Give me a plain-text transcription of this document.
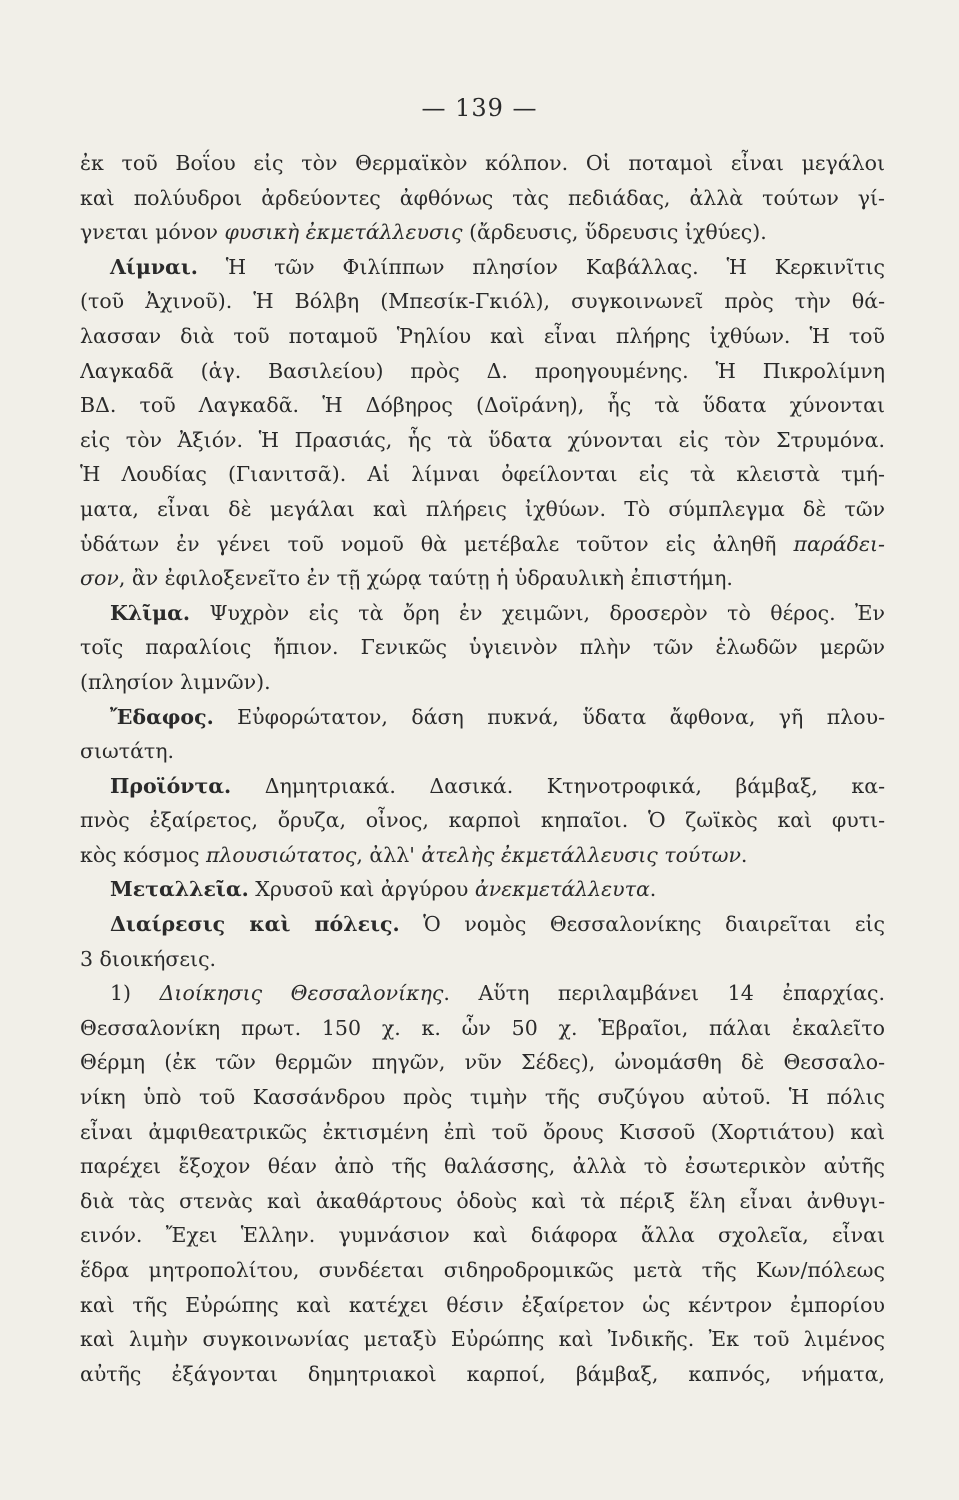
— 139 —
ἐκ τοῦ Βοΐου εἰς τὸν Θερμαϊκὸν κόλπον. Οἱ ποταμοὶ εἶναι μεγάλοι
καὶ πολύυδροι ἀρδεύοντες ἀφθόνως τὰς πεδιάδας, ἀλλὰ τούτων γί-
γνεται μόνον φυσικὴ ἐκμετάλλευσις (ἄρδευσις, ὕδρευσις ἰχθύες).
Λίμναι. Ἡ τῶν Φιλίππων πλησίον Καβάλλας. Ἡ Κερκινῖτις
(τοῦ Ἀχινοῦ). Ἡ Βόλβη (Μπεσίκ-Γκιόλ), συγκοινωνεῖ πρὸς τὴν θά-
λασσαν διὰ τοῦ ποταμοῦ Ῥηλίου καὶ εἶναι πλήρης ἰχθύων. Ἡ τοῦ
Λαγκαδᾶ (ἁγ. Βασιλείου) πρὸς Δ. προηγουμένης. Ἡ Πικρολίμνη
ΒΔ. τοῦ Λαγκαδᾶ. Ἡ Δόβηρος (Δοϊράνη), ἧς τὰ ὕδατα χύνονται
εἰς τὸν Ἀξιόν. Ἡ Πρασιάς, ἧς τὰ ὕδατα χύνονται εἰς τὸν Στρυμόνα.
Ἡ Λουδίας (Γιανιτσᾶ). Αἱ λίμναι ὀφείλονται εἰς τὰ κλειστὰ τμή-
ματα, εἶναι δὲ μεγάλαι καὶ πλήρεις ἰχθύων. Τὸ σύμπλεγμα δὲ τῶν
ὑδάτων ἐν γένει τοῦ νομοῦ θὰ μετέβαλε τοῦτον εἰς ἀληθῆ παράδει-
σον, ἂν ἐφιλοξενεῖτο ἐν τῇ χώρᾳ ταύτῃ ἡ ὑδραυλικὴ ἐπιστήμη.
Κλῖμα. Ψυχρὸν εἰς τὰ ὄρη ἐν χειμῶνι, δροσερὸν τὸ θέρος. Ἐν
τοῖς παραλίοις ἤπιον. Γενικῶς ὑγιεινὸν πλὴν τῶν ἑλωδῶν μερῶν
(πλησίον λιμνῶν).
Ἔδαφος. Εὐφορώτατον, δάση πυκνά, ὕδατα ἄφθονα, γῆ πλου-
σιωτάτη.
Προϊόντα. Δημητριακά. Δασικά. Κτηνοτροφικά, βάμβαξ, κα-
πνὸς ἐξαίρετος, ὄρυζα, οἶνος, καρποὶ κηπαῖοι. Ὁ ζωϊκὸς καὶ φυτι-
κὸς κόσμος πλουσιώτατος, ἀλλ' ἀτελὴς ἐκμετάλλευσις τούτων.
Μεταλλεῖα. Χρυσοῦ καὶ ἀργύρου ἀνεκμετάλλευτα.
Διαίρεσις καὶ πόλεις. Ὁ νομὸς Θεσσαλονίκης διαιρεῖται εἰς
3 διοικήσεις.
1) Διοίκησις Θεσσαλονίκης. Αὕτη περιλαμβάνει 14 ἐπαρχίας.
Θεσσαλονίκη πρωτ. 150 χ. κ. ὧν 50 χ. Ἑβραῖοι, πάλαι ἐκαλεῖτο
Θέρμη (ἐκ τῶν θερμῶν πηγῶν, νῦν Σέδες), ὠνομάσθη δὲ Θεσσαλο-
νίκη ὑπὸ τοῦ Κασσάνδρου πρὸς τιμὴν τῆς συζύγου αὐτοῦ. Ἡ πόλις
εἶναι ἀμφιθεατρικῶς ἐκτισμένη ἐπὶ τοῦ ὄρους Κισσοῦ (Χορτιάτου) καὶ
παρέχει ἔξοχον θέαν ἀπὸ τῆς θαλάσσης, ἀλλὰ τὸ ἐσωτερικὸν αὐτῆς
διὰ τὰς στενὰς καὶ ἀκαθάρτους ὁδοὺς καὶ τὰ πέριξ ἕλη εἶναι ἀνθυγι-
εινόν. Ἔχει Ἑλλην. γυμνάσιον καὶ διάφορα ἄλλα σχολεῖα, εἶναι
ἕδρα μητροπολίτου, συνδέεται σιδηροδρομικῶς μετὰ τῆς Κων/πόλεως
καὶ τῆς Εὐρώπης καὶ κατέχει θέσιν ἐξαίρετον ὡς κέντρον ἐμπορίου
καὶ λιμὴν συγκοινωνίας μεταξὺ Εὐρώπης καὶ Ἰνδικῆς. Ἐκ τοῦ λιμένος
αὐτῆς ἐξάγονται δημητριακοὶ καρποί, βάμβαξ, καπνός, νήματα,
